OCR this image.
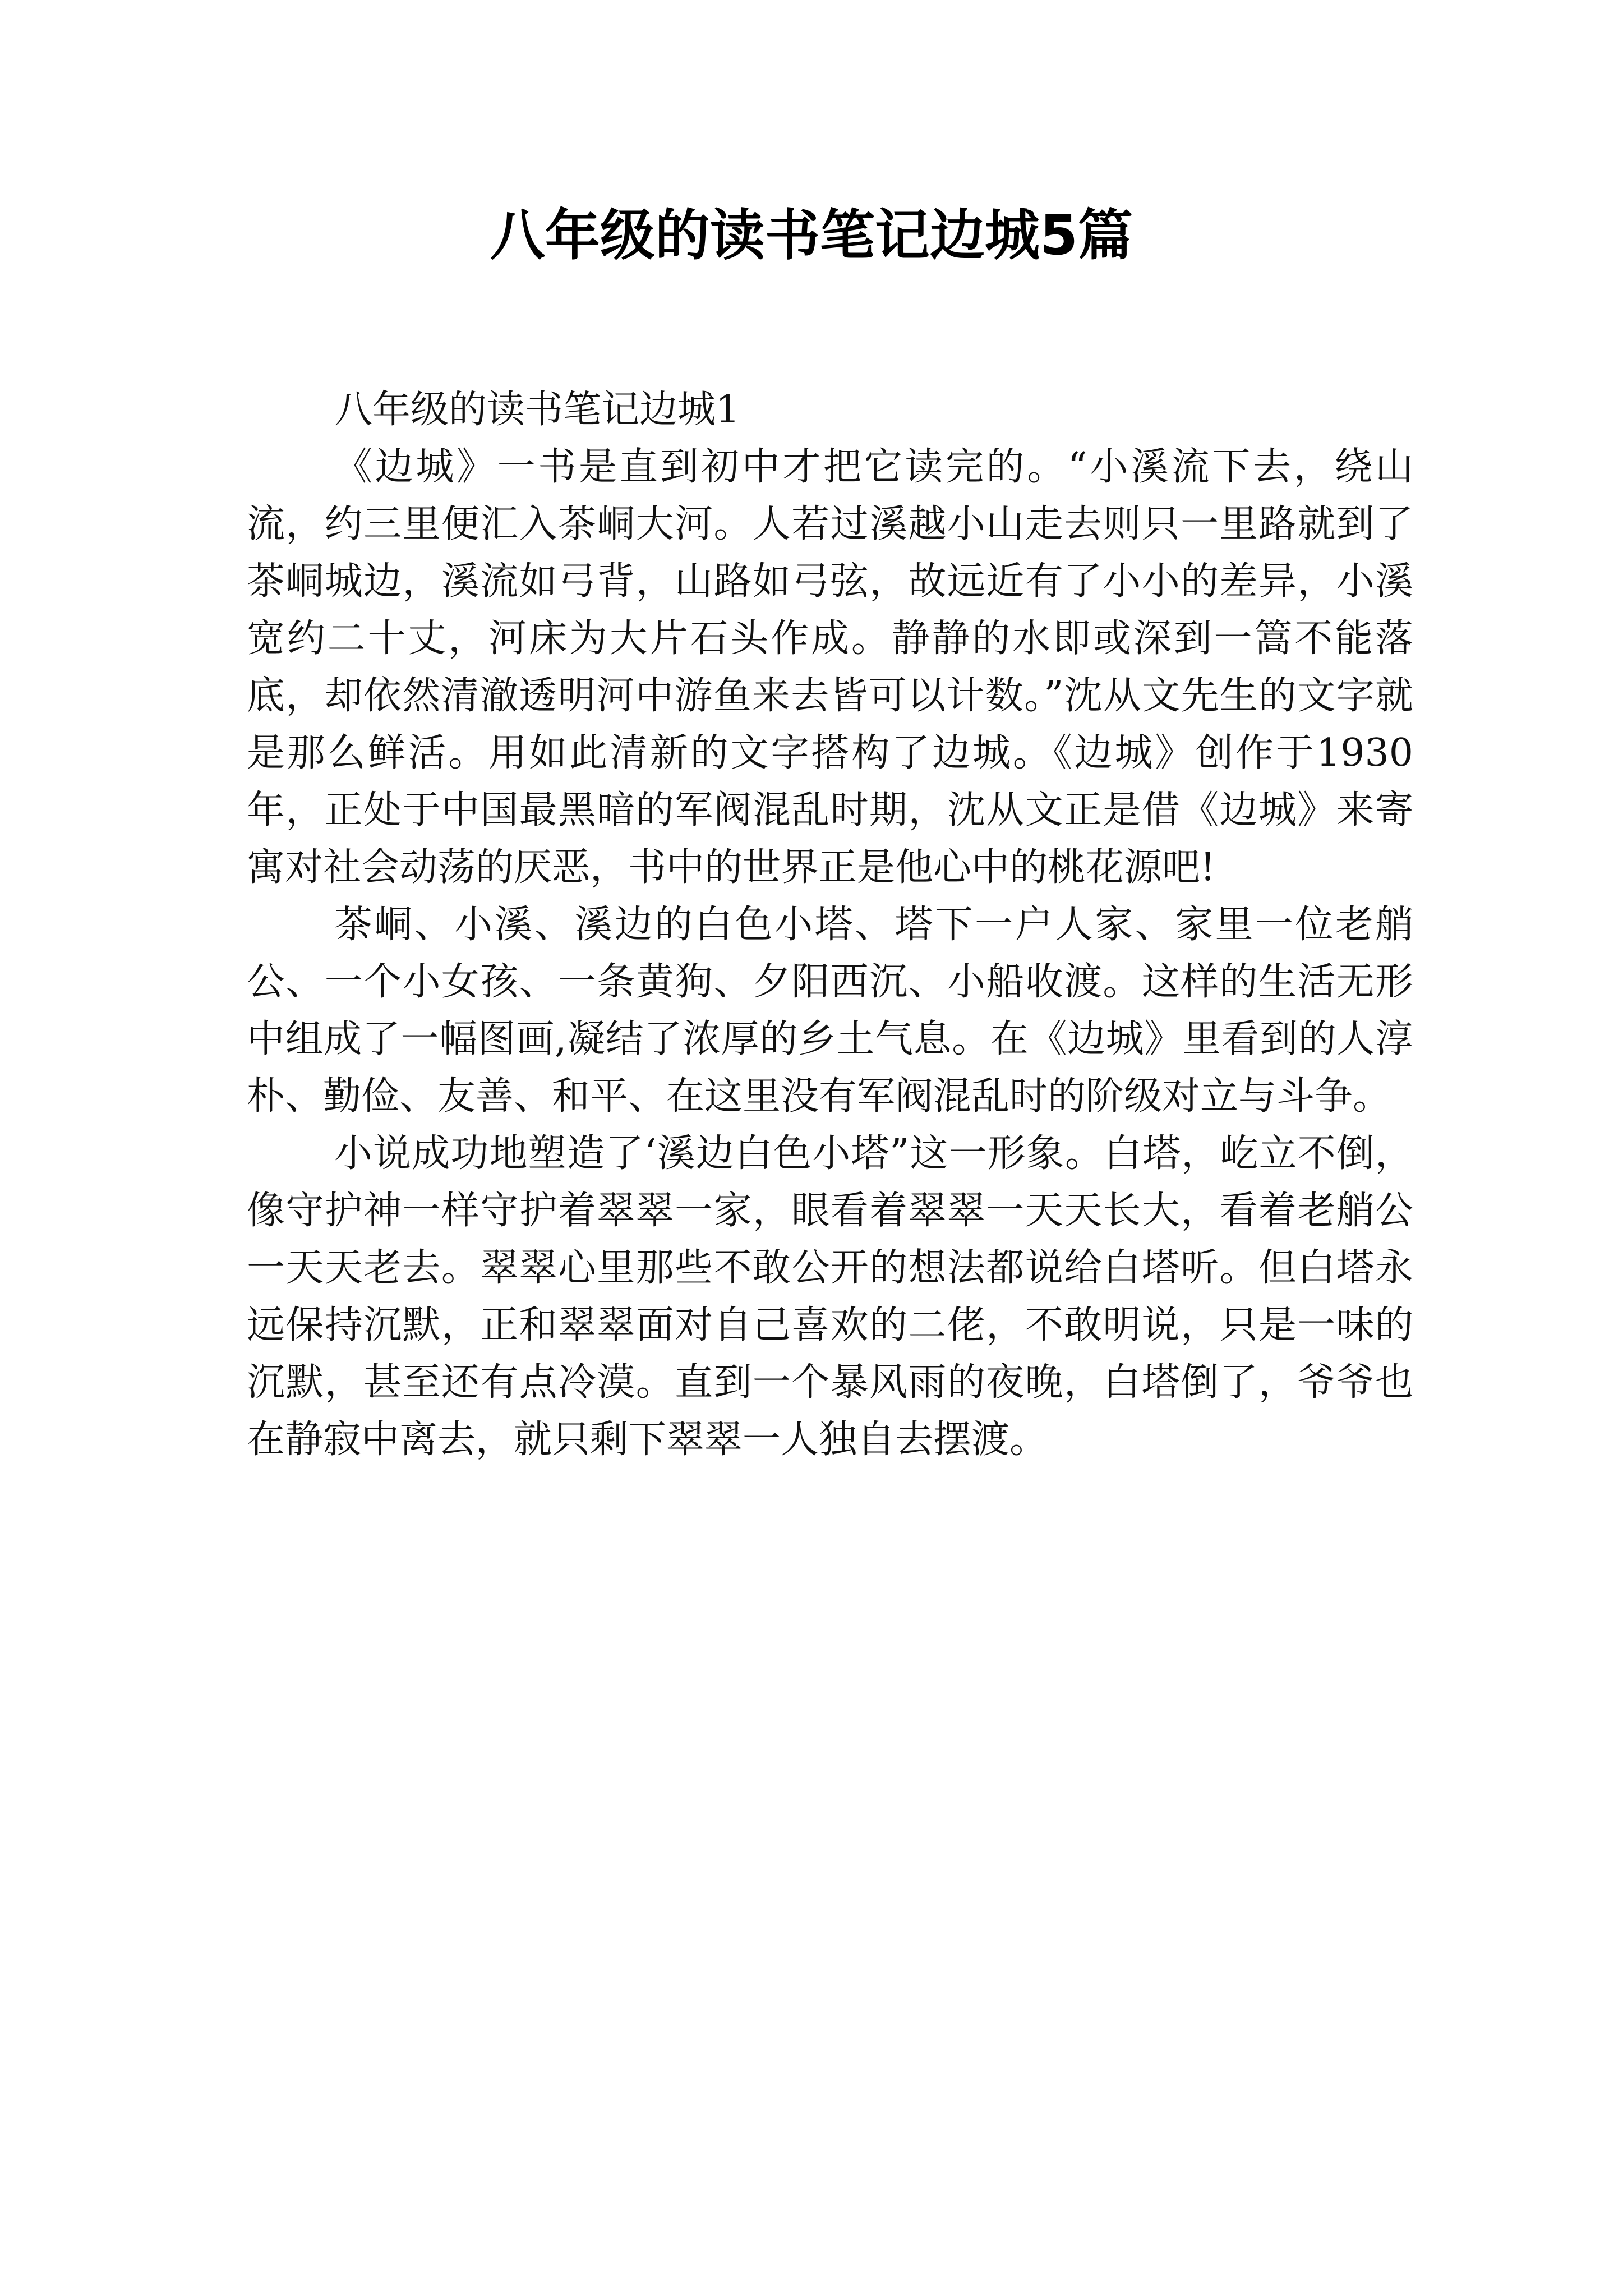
八年级的读书笔记边城5篇

八年级的读书笔记边城1

《边城》一书是直到初中才把它读完的。“小溪流下去，绕山流，约三里便汇入茶峒大河。人若过溪越小山走去则只一里路就到了茶峒城边，溪流如弓背，山路如弓弦，故远近有了小小的差异，小溪宽约二十丈，河床为大片石头作成。静静的水即或深到一篙不能落底，却依然清澈透明河中游鱼来去皆可以计数。”沈从文先生的文字就是那么鲜活。用如此清新的文字搭构了边城。《边城》创作于1930年，正处于中国最黑暗的军阀混乱时期，沈从文正是借《边城》来寄寓对社会动荡的厌恶，书中的世界正是他心中的桃花源吧!

茶峒、小溪、溪边的白色小塔、塔下一户人家、家里一位老艄公、一个小女孩、一条黄狗、夕阳西沉、小船收渡。这样的生活无形中组成了一幅图画,凝结了浓厚的乡土气息。在《边城》里看到的人淳朴、勤俭、友善、和平、在这里没有军阀混乱时的阶级对立与斗争。

小说成功地塑造了‘溪边白色小塔”这一形象。白塔，屹立不倒，像守护神一样守护着翠翠一家，眼看着翠翠一天天长大，看着老艄公一天天老去。翠翠心里那些不敢公开的想法都说给白塔听。但白塔永远保持沉默，正和翠翠面对自己喜欢的二佬，不敢明说，只是一味的沉默，甚至还有点冷漠。直到一个暴风雨的夜晚，白塔倒了，爷爷也在静寂中离去，就只剩下翠翠一人独自去摆渡。
